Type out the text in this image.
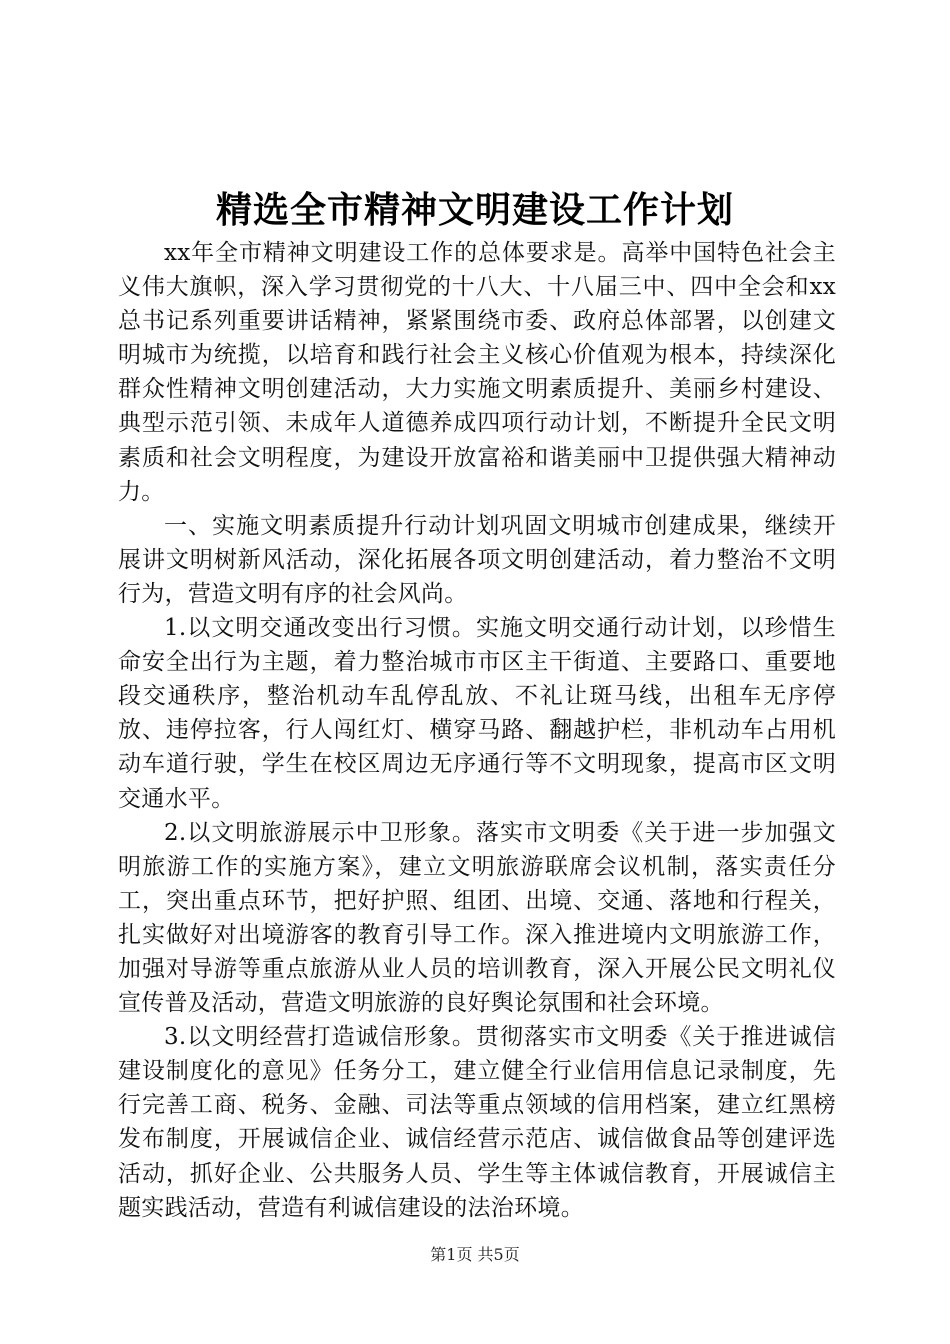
精选全市精神文明建设工作计划

xx年全市精神文明建设工作的总体要求是。高举中国特色社会主义伟大旗帜，深入学习贯彻党的十八大、十八届三中、四中全会和xx总书记系列重要讲话精神，紧紧围绕市委、政府总体部署，以创建文明城市为统揽，以培育和践行社会主义核心价值观为根本，持续深化群众性精神文明创建活动，大力实施文明素质提升、美丽乡村建设、典型示范引领、未成年人道德养成四项行动计划，不断提升全民文明素质和社会文明程度，为建设开放富裕和谐美丽中卫提供强大精神动力。

一、实施文明素质提升行动计划巩固文明城市创建成果，继续开展讲文明树新风活动，深化拓展各项文明创建活动，着力整治不文明行为，营造文明有序的社会风尚。

1.以文明交通改变出行习惯。实施文明交通行动计划，以珍惜生命安全出行为主题，着力整治城市市区主干街道、主要路口、重要地段交通秩序，整治机动车乱停乱放、不礼让斑马线，出租车无序停放、违停拉客，行人闯红灯、横穿马路、翻越护栏，非机动车占用机动车道行驶，学生在校区周边无序通行等不文明现象，提高市区文明交通水平。

2.以文明旅游展示中卫形象。落实市文明委《关于进一步加强文明旅游工作的实施方案》，建立文明旅游联席会议机制，落实责任分工，突出重点环节，把好护照、组团、出境、交通、落地和行程关，扎实做好对出境游客的教育引导工作。深入推进境内文明旅游工作，加强对导游等重点旅游从业人员的培训教育，深入开展公民文明礼仪宣传普及活动，营造文明旅游的良好舆论氛围和社会环境。

3.以文明经营打造诚信形象。贯彻落实市文明委《关于推进诚信建设制度化的意见》任务分工，建立健全行业信用信息记录制度，先行完善工商、税务、金融、司法等重点领域的信用档案，建立红黑榜发布制度，开展诚信企业、诚信经营示范店、诚信做食品等创建评选活动，抓好企业、公共服务人员、学生等主体诚信教育，开展诚信主题实践活动，营造有利诚信建设的法治环境。

第1页 共5页
